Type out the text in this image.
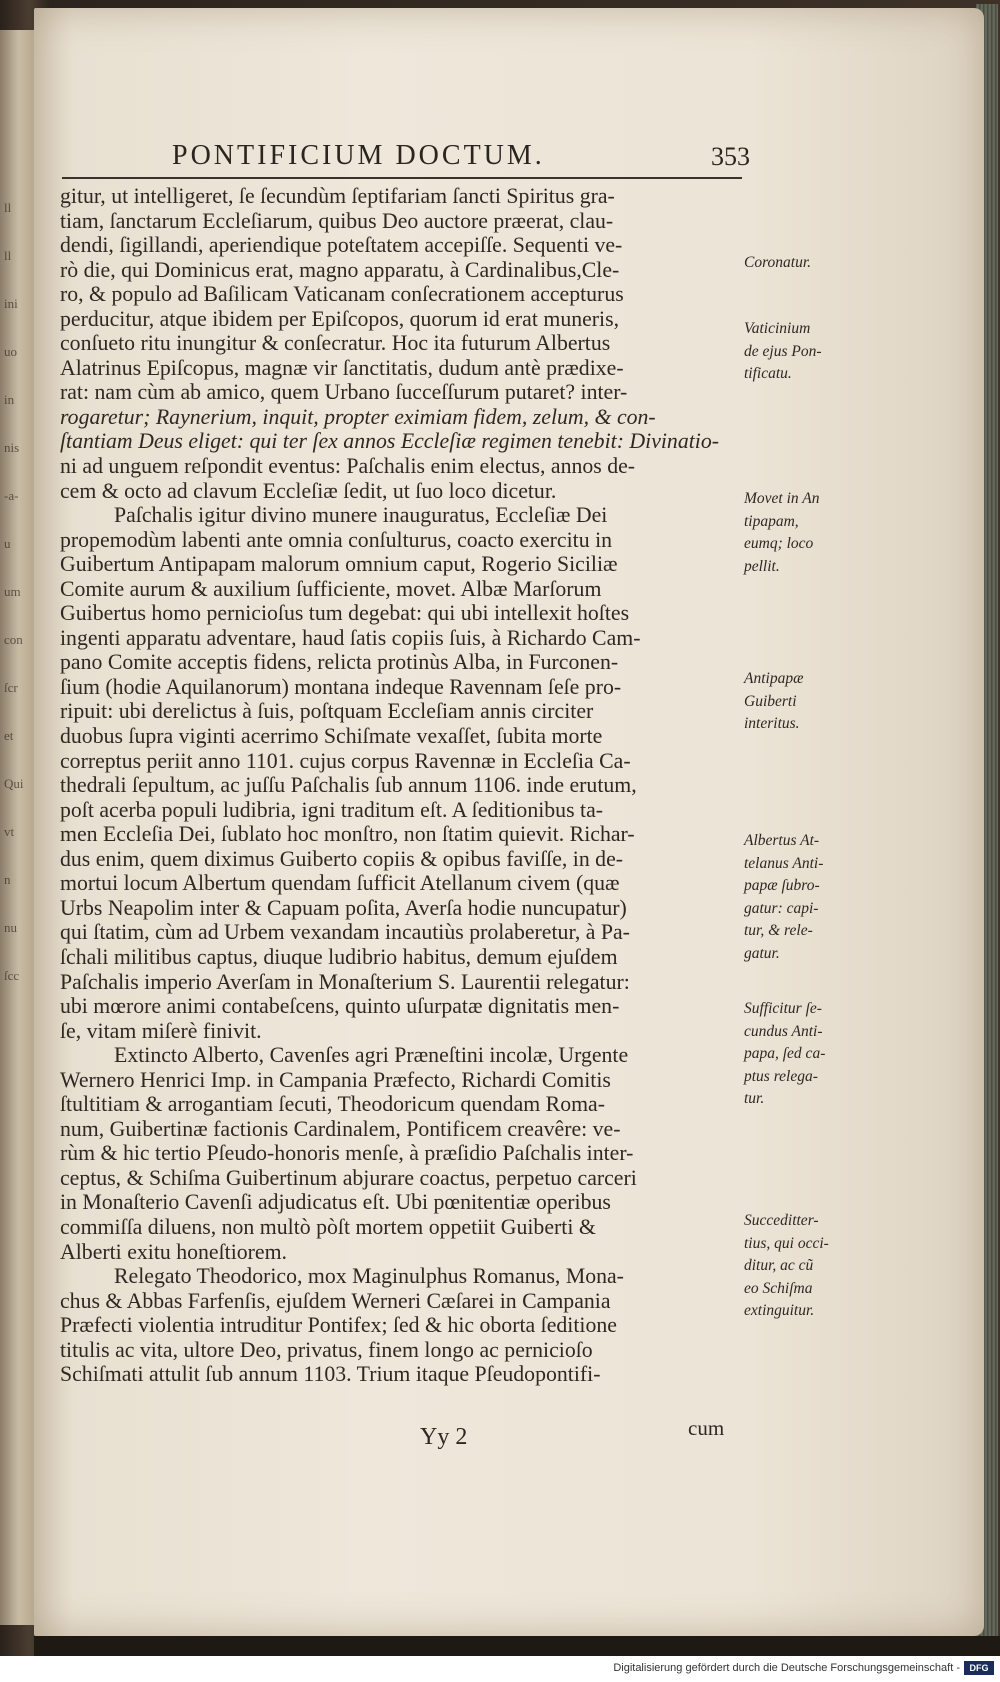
ll
ll
ini
uo
in
nis
-a-
u
um
con
ſcr
et
Qui
vt
n
nu
ſcc
PONTIFICIUM DOCTUM.	353
gitur, ut intelligeret, ſe ſecundùm ſeptifariam ſancti Spiritus gra-
tiam, ſanctarum Eccleſiarum, quibus Deo auctore præerat, clau-
dendi, ſigillandi, aperiendique poteſtatem accepiſſe. Sequenti ve-
rò die, qui Dominicus erat, magno apparatu, à Cardinalibus,Cle-
ro, & populo ad Baſilicam Vaticanam conſecrationem accepturus
perducitur, atque ibidem per Epiſcopos, quorum id erat muneris,
conſueto ritu inungitur & conſecratur. Hoc ita futurum Albertus
Alatrinus Epiſcopus, magnæ vir ſanctitatis, dudum antè prædixe-
rat: nam cùm ab amico, quem Urbano ſucceſſurum putaret? inter-
rogaretur; Raynerium, inquit, propter eximiam fidem, zelum, & con-
ſtantiam Deus eliget: qui ter ſex annos Eccleſiæ regimen tenebit: Divinatio-
ni ad unguem reſpondit eventus: Paſchalis enim electus, annos de-
cem & octo ad clavum Eccleſiæ ſedit, ut ſuo loco dicetur.
Paſchalis igitur divino munere inauguratus, Eccleſiæ Dei
propemodùm labenti ante omnia conſulturus, coacto exercitu in
Guibertum Antipapam malorum omnium caput, Rogerio Siciliæ
Comite aurum & auxilium ſufficiente, movet. Albæ Marſorum
Guibertus homo pernicioſus tum degebat: qui ubi intellexit hoſtes
ingenti apparatu adventare, haud ſatis copiis ſuis, à Richardo Cam-
pano Comite acceptis fidens, relicta protinùs Alba, in Furconen-
ſium (hodie Aquilanorum) montana indeque Ravennam ſeſe pro-
ripuit: ubi derelictus à ſuis, poſtquam Eccleſiam annis circiter
duobus ſupra viginti acerrimo Schiſmate vexaſſet, ſubita morte
correptus periit anno 1101. cujus corpus Ravennæ in Eccleſia Ca-
thedrali ſepultum, ac juſſu Paſchalis ſub annum 1106. inde erutum,
poſt acerba populi ludibria, igni traditum eſt. A ſeditionibus ta-
men Eccleſia Dei, ſublato hoc monſtro, non ſtatim quievit. Richar-
dus enim, quem diximus Guiberto copiis & opibus faviſſe, in de-
mortui locum Albertum quendam ſufficit Atellanum civem (quæ
Urbs Neapolim inter & Capuam poſita, Averſa hodie nuncupatur)
qui ſtatim, cùm ad Urbem vexandam incautiùs prolaberetur, à Pa-
ſchali militibus captus, diuque ludibrio habitus, demum ejuſdem
Paſchalis imperio Averſam in Monaſterium S. Laurentii relegatur:
ubi mœrore animi contabeſcens, quinto uſurpatæ dignitatis men-
ſe, vitam miſerè finivit.
Extincto Alberto, Cavenſes agri Præneſtini incolæ, Urgente
Wernero Henrici Imp. in Campania Præfecto, Richardi Comitis
ſtultitiam & arrogantiam ſecuti, Theodoricum quendam Roma-
num, Guibertinæ factionis Cardinalem, Pontificem creavêre: ve-
rùm & hic tertio Pſeudo-honoris menſe, à præſidio Paſchalis inter-
ceptus, & Schiſma Guibertinum abjurare coactus, perpetuo carceri
in Monaſterio Cavenſi adjudicatus eſt. Ubi pœnitentiæ operibus
commiſſa diluens, non multò pòſt mortem oppetiit Guiberti &
Alberti exitu honeſtiorem.
Relegato Theodorico, mox Maginulphus Romanus, Mona-
chus & Abbas Farfenſis, ejuſdem Werneri Cæſarei in Campania
Præfecti violentia intruditur Pontifex; ſed & hic oborta ſeditione
titulis ac vita, ultore Deo, privatus, finem longo ac pernicioſo
Schiſmati attulit ſub annum 1103. Trium itaque Pſeudopontifi-
Coronatur.
Vaticinium
de ejus Pon-
tificatu.
Movet in An
tipapam,
eumq; loco
pellit.
Antipapæ
Guiberti
interitus.
Albertus At-
telanus Anti-
papæ ſubro-
gatur: capi-
tur, & rele-
gatur.
Sufficitur ſe-
cundus Anti-
papa, ſed ca-
ptus relega-
tur.
Succeditter-
tius, qui occi-
ditur, ac cũ
eo Schiſma
extinguitur.
Yy 2	cum
Digitalisierung gefördert durch die Deutsche Forschungsgemeinschaft -	DFG
